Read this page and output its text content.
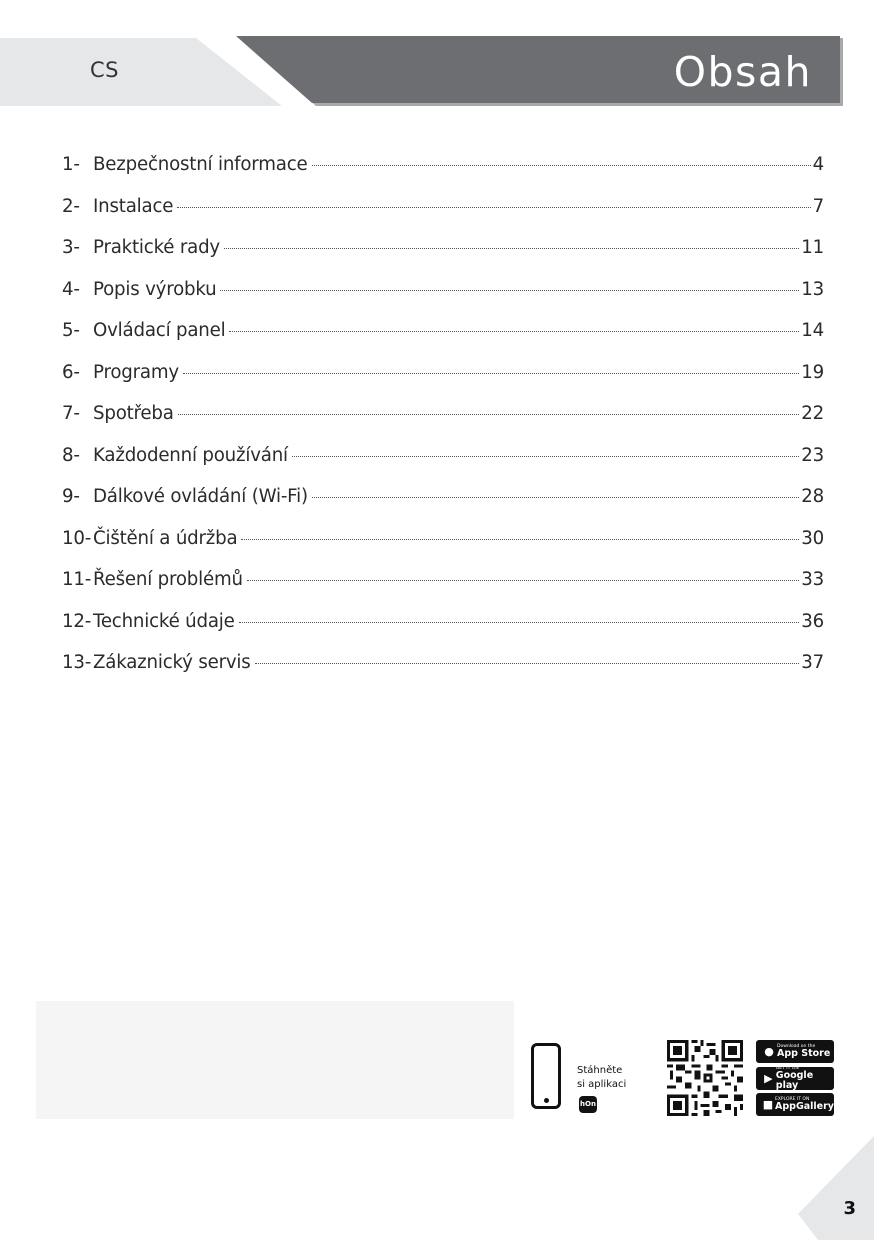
CS	Obsah
1- Bezpečnostní informace	4
2- Instalace	7
3- Praktické rady	11
4- Popis výrobku	13
5- Ovládací panel	14
6- Programy	19
7- Spotřeba	22
8- Každodenní používání	23
9- Dálkové ovládání (Wi-Fi)	28
10- Čištění a údržba	30
11- Řešení problémů	33
12- Technické údaje	36
13- Zákaznický servis	37
Stáhněte
si aplikaci
hOn
● Download on the
App Store
▶
GET IT ON
Google play
■ EXPLORE IT ON
AppGallery
3
